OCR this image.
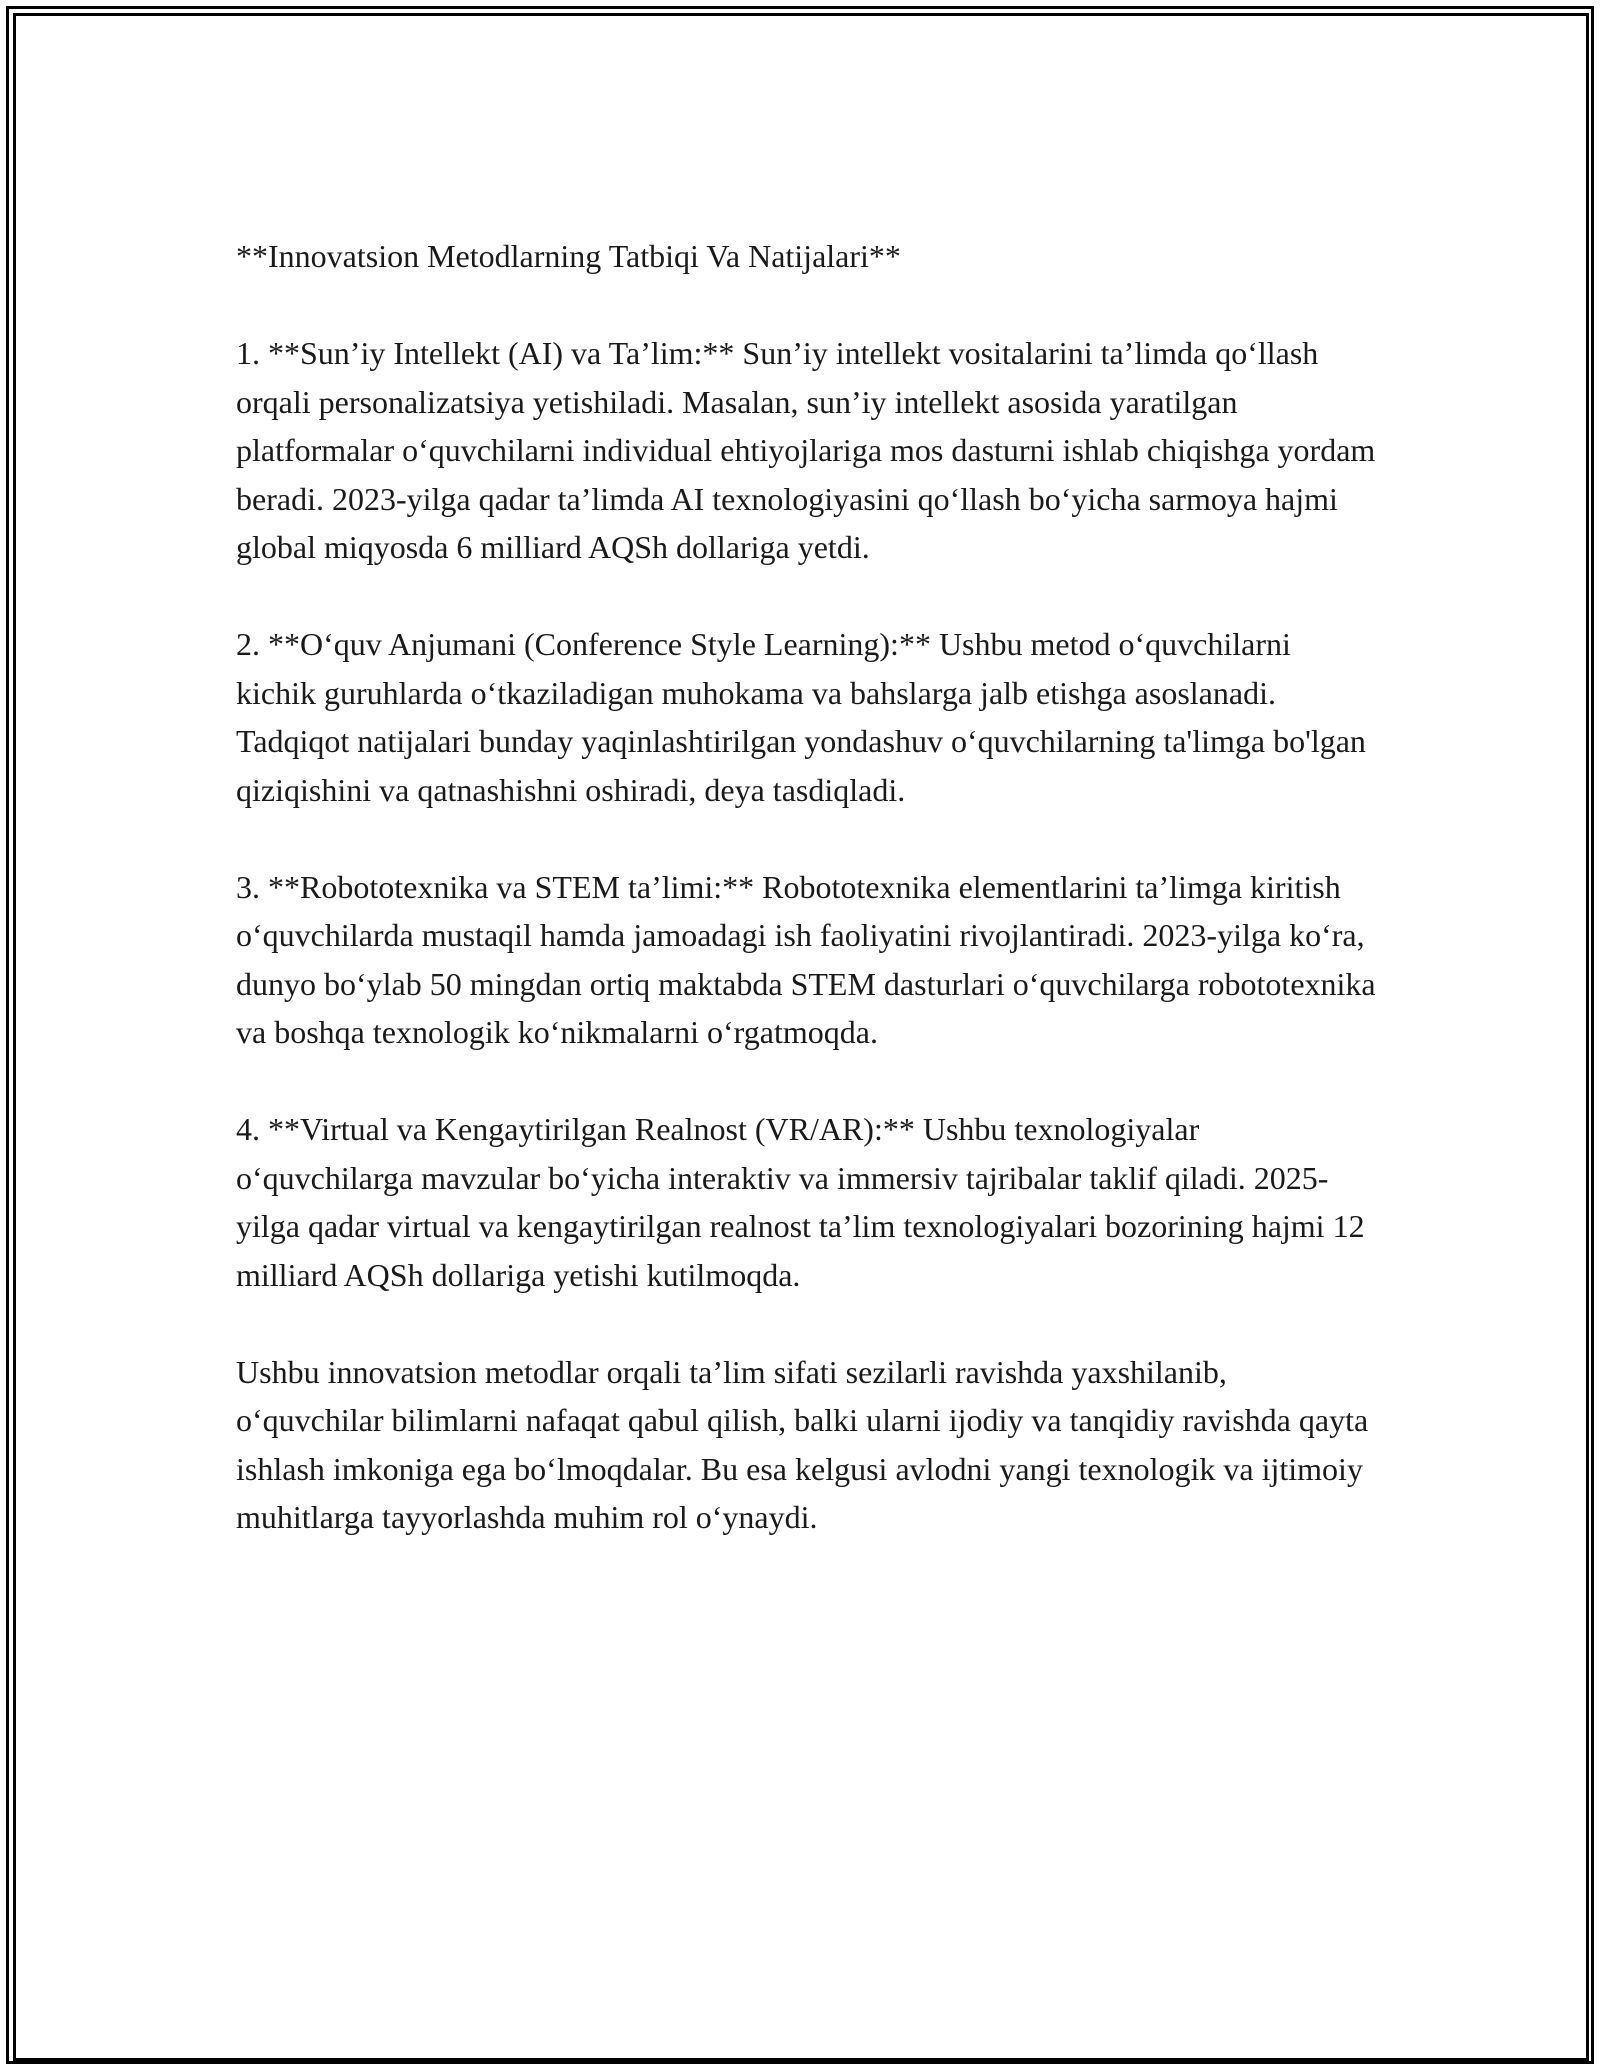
**Innovatsion Metodlarning Tatbiqi Va Natijalari**

1. **Sun’iy Intellekt (AI) va Ta’lim:** Sun’iy intellekt vositalarini ta’limda qo‘llash orqali personalizatsiya yetishiladi. Masalan, sun’iy intellekt asosida yaratilgan platformalar o‘quvchilarni individual ehtiyojlariga mos dasturni ishlab chiqishga yordam beradi. 2023-yilga qadar ta’limda AI texnologiyasini qo‘llash bo‘yicha sarmoya hajmi global miqyosda 6 milliard AQSh dollariga yetdi.

2. **O‘quv Anjumani (Conference Style Learning):** Ushbu metod o‘quvchilarni kichik guruhlarda o‘tkaziladigan muhokama va bahslarga jalb etishga asoslanadi. Tadqiqot natijalari bunday yaqinlashtirilgan yondashuv o‘quvchilarning ta'limga bo'lgan qiziqishini va qatnashishni oshiradi, deya tasdiqladi.

3. **Robototexnika va STEM ta’limi:** Robototexnika elementlarini ta’limga kiritish o‘quvchilarda mustaqil hamda jamoadagi ish faoliyatini rivojlantiradi. 2023-yilga ko‘ra, dunyo bo‘ylab 50 mingdan ortiq maktabda STEM dasturlari o‘quvchilarga robototexnika va boshqa texnologik ko‘nikmalarni o‘rgatmoqda.

4. **Virtual va Kengaytirilgan Realnost (VR/AR):** Ushbu texnologiyalar o‘quvchilarga mavzular bo‘yicha interaktiv va immersiv tajribalar taklif qiladi. 2025-yilga qadar virtual va kengaytirilgan realnost ta’lim texnologiyalari bozorining hajmi 12 milliard AQSh dollariga yetishi kutilmoqda.

Ushbu innovatsion metodlar orqali ta’lim sifati sezilarli ravishda yaxshilanib, o‘quvchilar bilimlarni nafaqat qabul qilish, balki ularni ijodiy va tanqidiy ravishda qayta ishlash imkoniga ega bo‘lmoqdalar. Bu esa kelgusi avlodni yangi texnologik va ijtimoiy muhitlarga tayyorlashda muhim rol o‘ynaydi.
